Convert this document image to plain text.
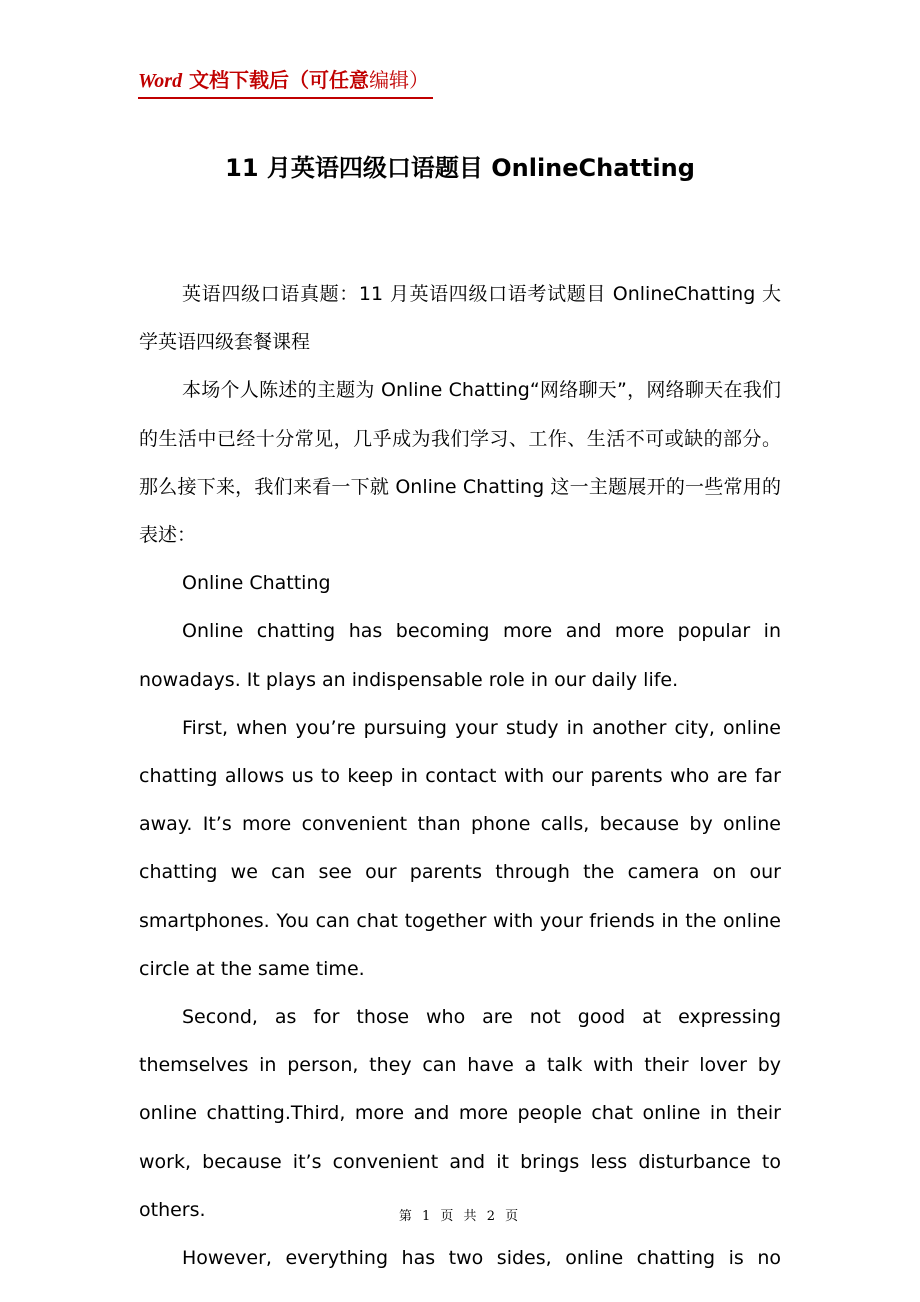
Word 文档下载后（可任意编辑）
11 月英语四级口语题目 OnlineChatting

英语四级口语真题：11 月英语四级口语考试题目 OnlineChatting 大学英语四级套餐课程

本场个人陈述的主题为 Online Chatting“网络聊天”，网络聊天在我们的生活中已经十分常见，几乎成为我们学习、工作、生活不可或缺的部分。那么接下来，我们来看一下就 Online Chatting 这一主题展开的一些常用的表述：

Online Chatting

Online chatting has becoming more and more popular in nowadays. It plays an indispensable role in our daily life.

First, when you’re pursuing your study in another city, online chatting allows us to keep in contact with our parents who are far away. It’s more convenient than phone calls, because by online chatting we can see our parents through the camera on our smartphones. You can chat together with your friends in the online circle at the same time.

Second, as for those who are not good at expressing themselves in person, they can have a talk with their lover by online chatting.Third, more and more people chat online in their work, because it’s convenient and it brings less disturbance to others.

However, everything has two sides, online chatting is no

第 1 页 共 2 页
